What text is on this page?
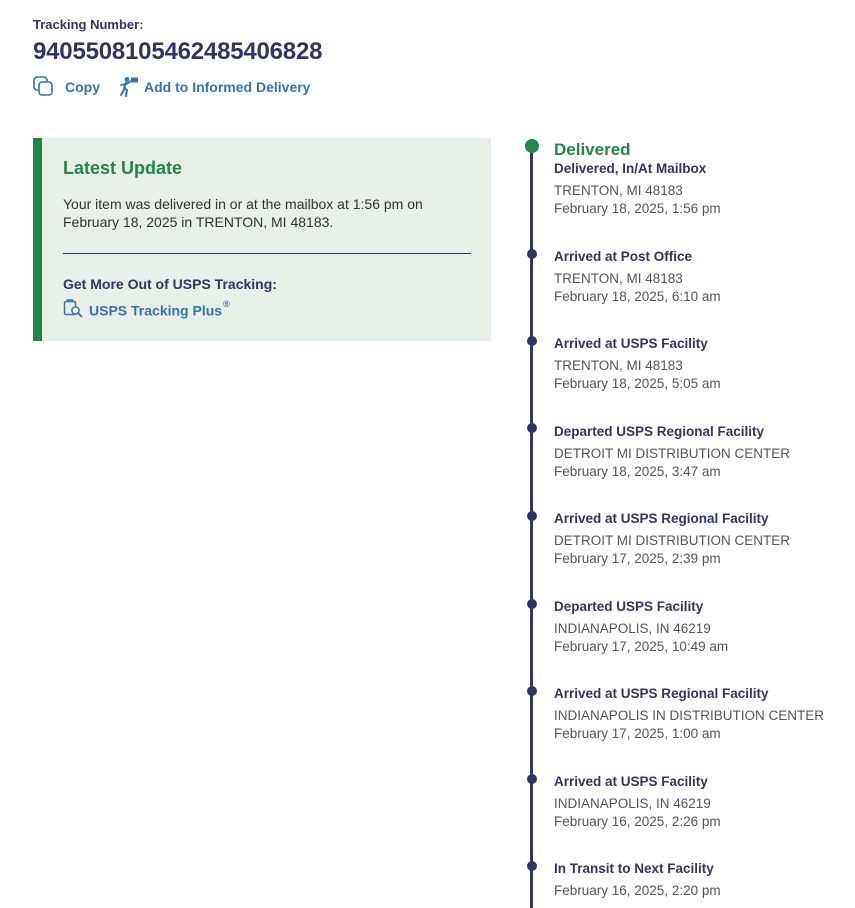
Tracking Number:
9405508105462485406828
Copy	Add to Informed Delivery
Latest Update
Your item was delivered in or at the mailbox at 1:56 pm on February 18, 2025 in TRENTON, MI 48183.
Get More Out of USPS Tracking:
USPS Tracking Plus®
Delivered
Delivered, In/At Mailbox
TRENTON, MI 48183
February 18, 2025, 1:56 pm
Arrived at Post Office
TRENTON, MI 48183
February 18, 2025, 6:10 am
Arrived at USPS Facility
TRENTON, MI 48183
February 18, 2025, 5:05 am
Departed USPS Regional Facility
DETROIT MI DISTRIBUTION CENTER
February 18, 2025, 3:47 am
Arrived at USPS Regional Facility
DETROIT MI DISTRIBUTION CENTER
February 17, 2025, 2:39 pm
Departed USPS Facility
INDIANAPOLIS, IN 46219
February 17, 2025, 10:49 am
Arrived at USPS Regional Facility
INDIANAPOLIS IN DISTRIBUTION CENTER
February 17, 2025, 1:00 am
Arrived at USPS Facility
INDIANAPOLIS, IN 46219
February 16, 2025, 2:26 pm
In Transit to Next Facility
February 16, 2025, 2:20 pm
